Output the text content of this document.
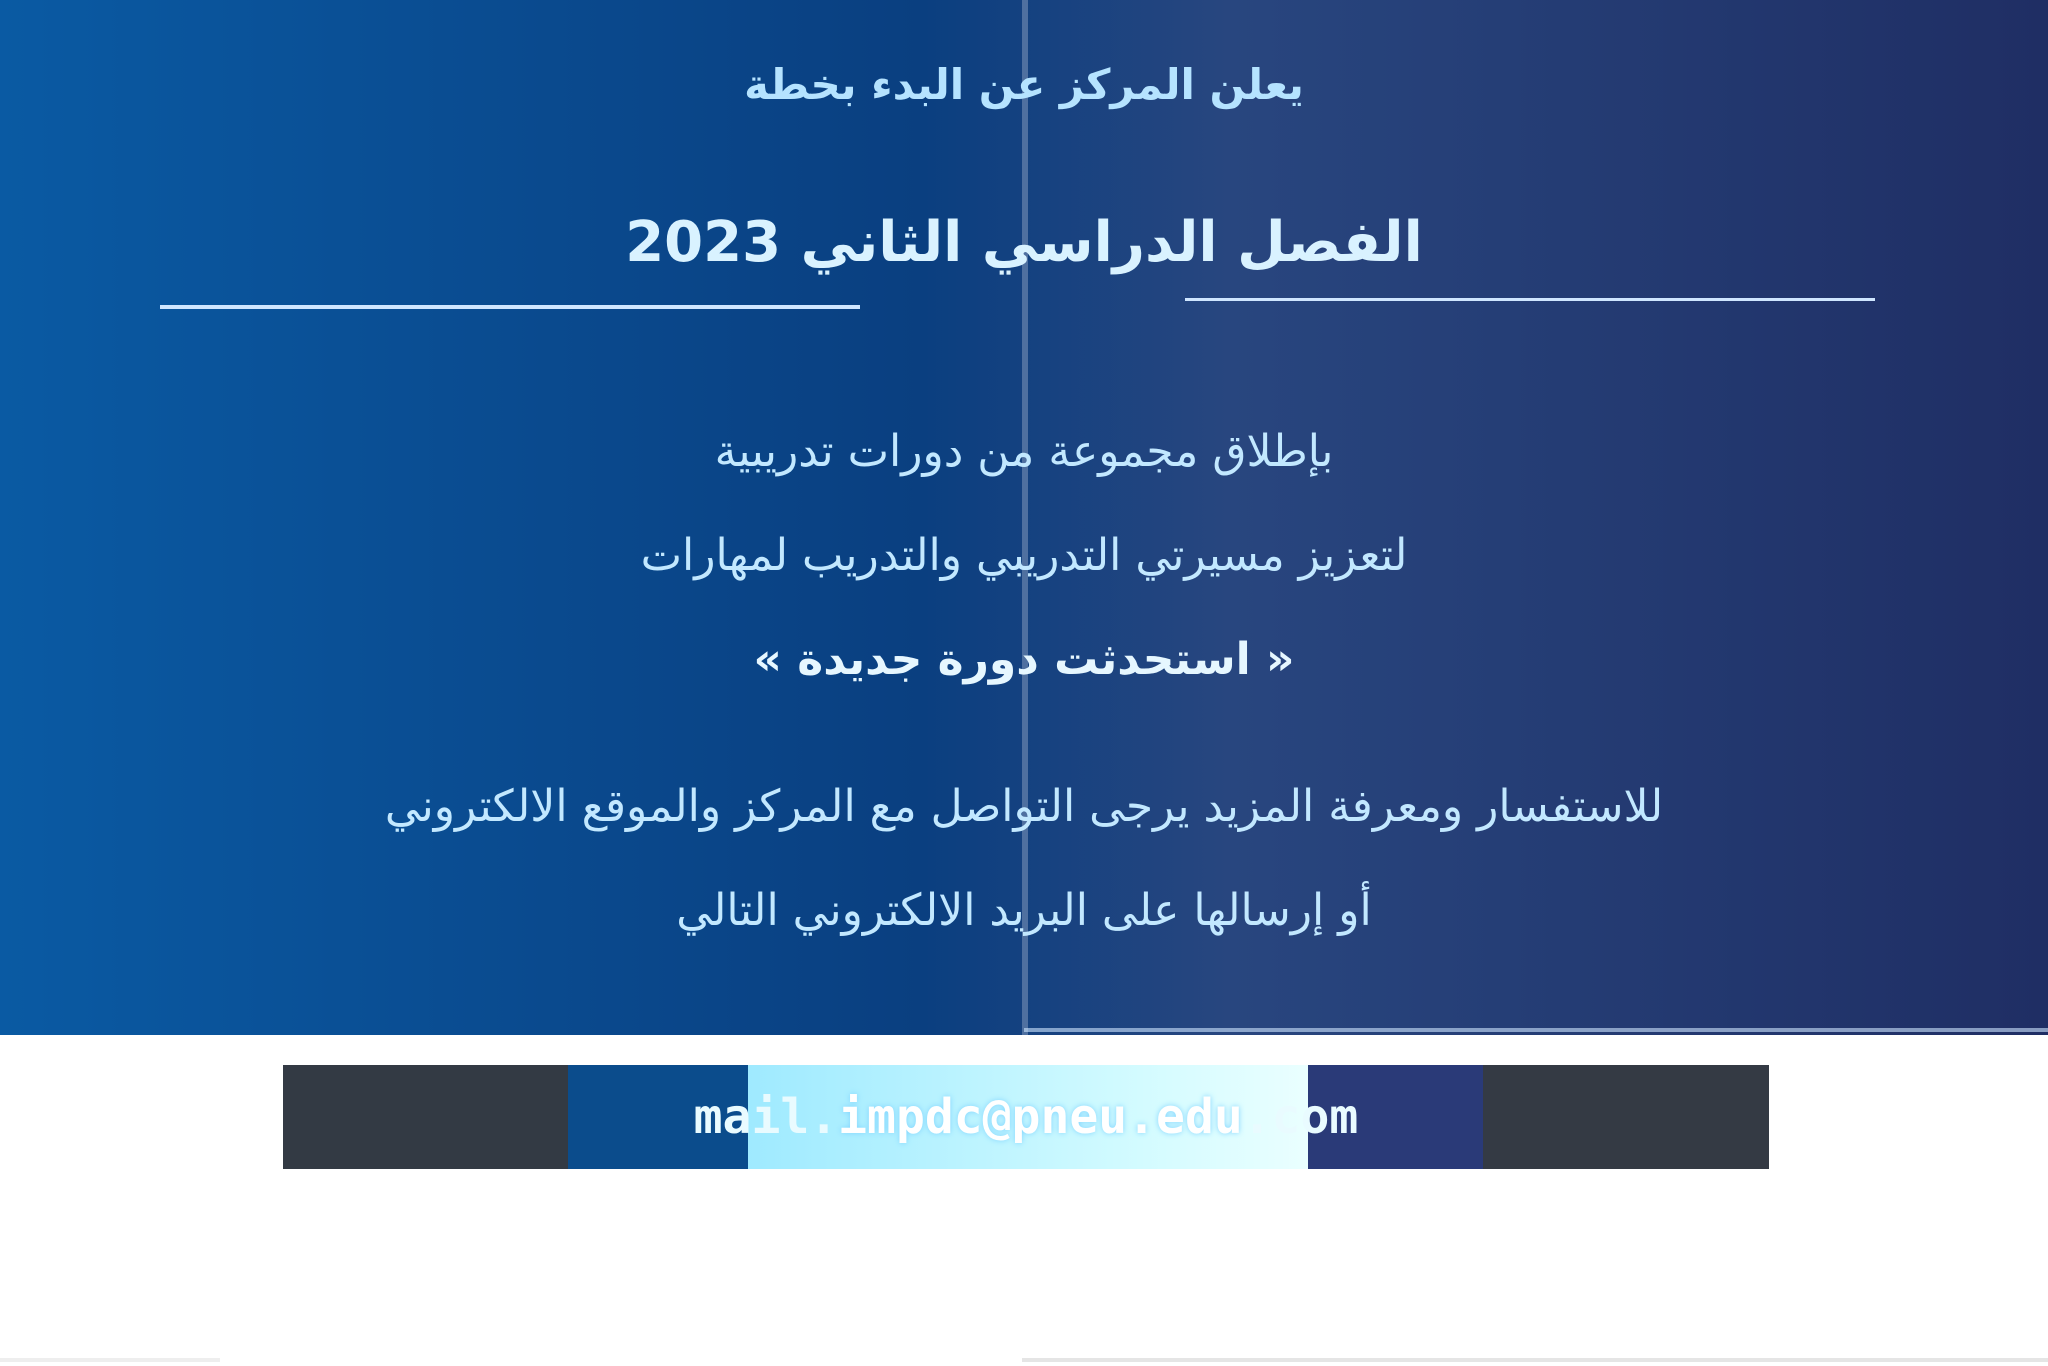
يعلن المركز عن البدء بخطة
الفصل الدراسي الثاني 2023
بإطلاق مجموعة من دورات تدريبية
لتعزيز مسيرتي التدريبي والتدريب لمهارات
« استحدثت دورة جديدة »
للاستفسار ومعرفة المزيد يرجى التواصل مع المركز والموقع الالكتروني
أو إرسالها على البريد الالكتروني التالي
mail.impdc@pneu.edu.com
